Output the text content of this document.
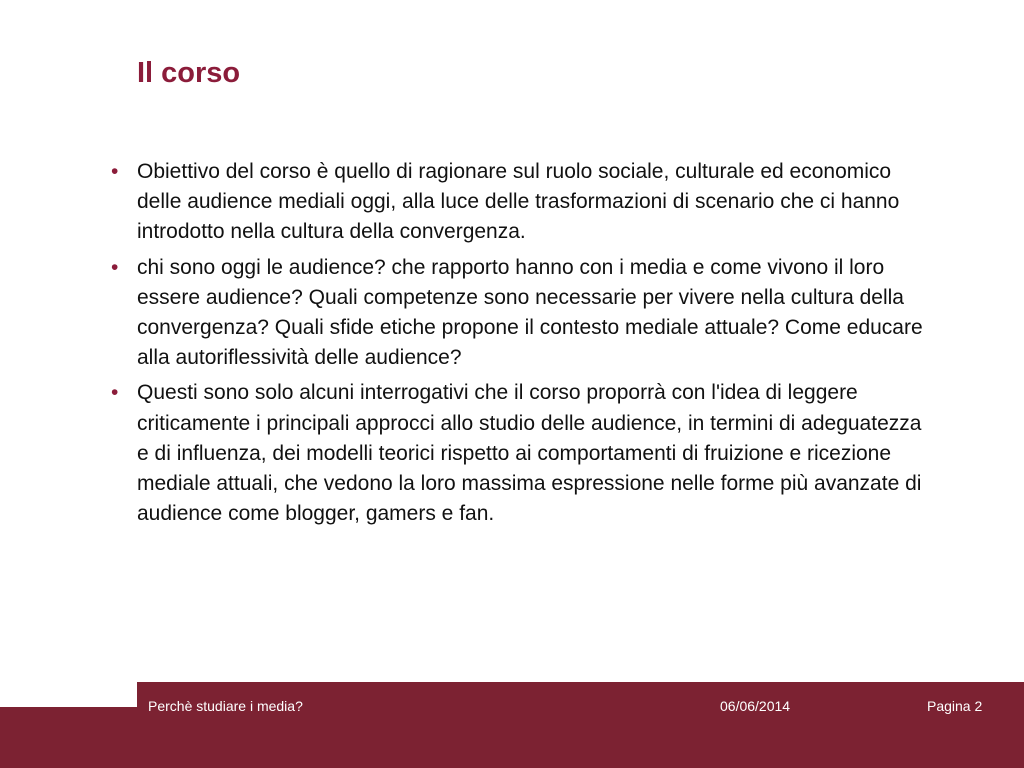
Il corso
• Obiettivo del corso è quello di ragionare sul ruolo sociale, culturale ed economico delle audience mediali oggi, alla luce delle trasformazioni di scenario che ci hanno introdotto nella cultura della convergenza.
• chi sono oggi le audience? che rapporto hanno con i media e come vivono il loro essere audience? Quali competenze sono necessarie per vivere nella cultura della convergenza? Quali sfide etiche propone il contesto mediale attuale? Come educare alla autoriflessività delle audience?
• Questi sono solo alcuni interrogativi che il corso proporrà con l'idea di leggere criticamente i principali approcci allo studio delle audience, in termini di adeguatezza e di influenza, dei modelli teorici rispetto ai comportamenti di fruizione e ricezione mediale attuali, che vedono la loro massima espressione nelle forme più avanzate di audience come blogger, gamers e fan.
Perchè studiare i media?	06/06/2014	Pagina 2
